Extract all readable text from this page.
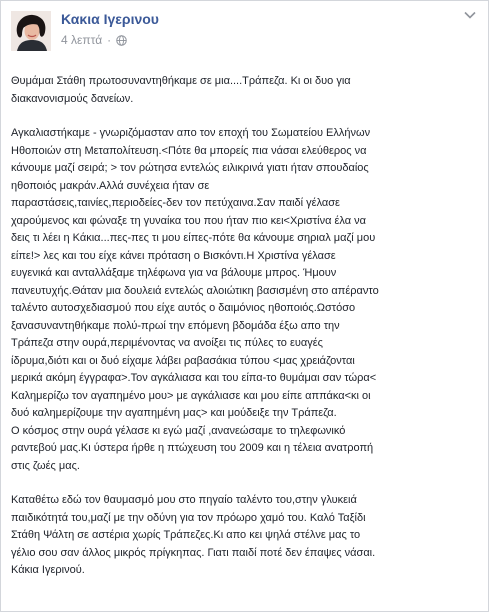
Κακια Ιγερινου
4 λεπτά ·

Θυμάμαι Στάθη πρωτοσυναντηθήκαμε σε μια....Τράπεζα. Κι οι δυο για
διακανονισμούς δανείων.

Αγκαλιαστήκαμε - γνωριζόμασταν απο τον εποχή του Σωματείου Ελλήνων
Ηθοποιών στη Μεταπολίτευση.<Πότε θα μπορείς πια νάσαι ελεύθερος να
κάνουμε μαζί σειρά; > τον ρώτησα εντελώς ειλικρινά γιατι ήταν σπουδαίος
ηθοποιός μακράν.Αλλά συνέχεια ήταν σε
παραστάσεις,ταινίες,περιοδείες-δεν τον πετύχαινα.Σαν παιδί γέλασε
χαρούμενος και φώναξε τη γυναίκα του που ήταν πιο κει<Χριστίνα έλα να
δεις τι λέει η Κάκια...πες-πες τι μου είπες-πότε θα κάνουμε σηριαλ μαζί μου
είπε!> λες και του είχε κάνει πρόταση ο Βισκόντι.Η Χριστίνα γέλασε
ευγενικά και ανταλλάξαμε τηλέφωνα για να βάλουμε μπρος. Ήμουν
πανευτυχής.Θάταν μια δουλειά εντελώς αλοιώτικη βασισμένη στο απέραντο
ταλέντο αυτοσχεδιασμού που είχε αυτός ο δαιμόνιος ηθοποιός.Ωστόσο
ξανασυναντηθήκαμε πολύ-πρωί την επόμενη βδομάδα έξω απο την
Τράπεζα στην ουρά,περιμένοντας να ανοίξει τις πύλες το ευαγές
ίδρυμα,διότι και οι δυό είχαμε λάβει ραβασάκια τύπου <μας χρειάζονται
μερικά ακόμη έγγραφα>.Τον αγκάλιασα και του είπα-το θυμάμαι σαν τώρα<
Καλημερίζω τον αγαπημένο μου> με αγκάλιασε και μου είπε αππάκα<κι οι
δυό καλημερίζουμε την αγαπημένη μας> και μούδειξε την Τράπεζα.
Ο κόσμος στην ουρά γέλασε κι εγώ μαζί ,ανανεώσαμε το τηλεφωνικό
ραντεβού μας.Κι ύστερα ήρθε η πτώχευση του 2009 και η τέλεια ανατροπή
στις ζωές μας.

Καταθέτω εδώ τον θαυμασμό μου στο πηγαίο ταλέντο του,στην γλυκειά
παιδικότητά του,μαζί με την οδύνη για τον πρόωρο χαμό του. Καλό Ταξίδι
Στάθη Ψάλτη σε αστέρια χωρίς Τράπεζες.Κι απο κει ψηλά στέλνε μας το
γέλιο σου σαν άλλος μικρός πρίγκηπας. Γιατι παιδί ποτέ δεν έπαψες νάσαι.
Κάκια Ιγερινού.
